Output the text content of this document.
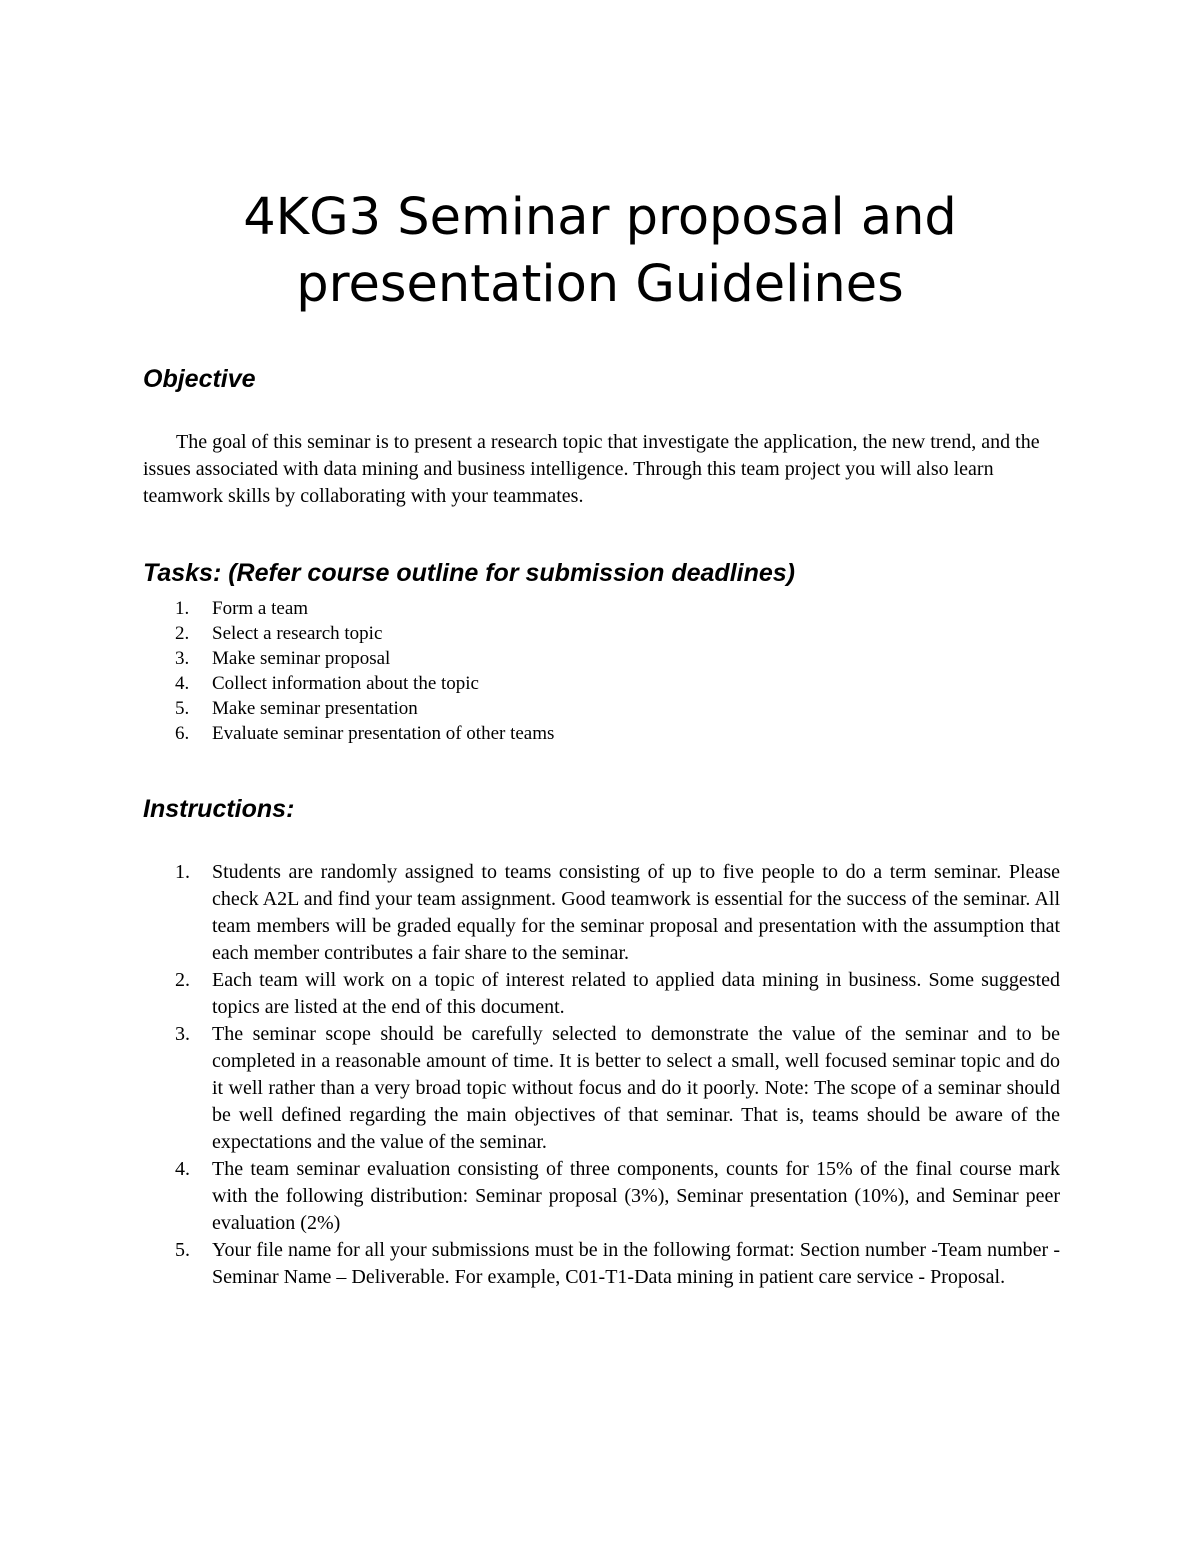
4KG3 Seminar proposal and
presentation Guidelines
Objective

The goal of this seminar is to present a research topic that investigate the application, the new trend, and the issues associated with data mining and business intelligence. Through this team project you will also learn teamwork skills by collaborating with your teammates.

Tasks: (Refer course outline for submission deadlines)
1. Form a team
2. Select a research topic
3. Make seminar proposal
4. Collect information about the topic
5. Make seminar presentation
6. Evaluate seminar presentation of other teams
Instructions:
1. Students are randomly assigned to teams consisting of up to five people to do a term seminar. Please check A2L and find your team assignment. Good teamwork is essential for the success of the seminar. All team members will be graded equally for the seminar proposal and presentation with the assumption that each member contributes a fair share to the seminar.
2. Each team will work on a topic of interest related to applied data mining in business. Some suggested topics are listed at the end of this document.
3. The seminar scope should be carefully selected to demonstrate the value of the seminar and to be completed in a reasonable amount of time. It is better to select a small, well focused seminar topic and do it well rather than a very broad topic without focus and do it poorly. Note: The scope of a seminar should be well defined regarding the main objectives of that seminar. That is, teams should be aware of the expectations and the value of the seminar.
4. The team seminar evaluation consisting of three components, counts for 15% of the final course mark with the following distribution: Seminar proposal (3%), Seminar presentation (10%), and Seminar peer evaluation (2%)
5. Your file name for all your submissions must be in the following format: Section number -Team number -Seminar Name – Deliverable. For example, C01-T1-Data mining in patient care service - Proposal.
